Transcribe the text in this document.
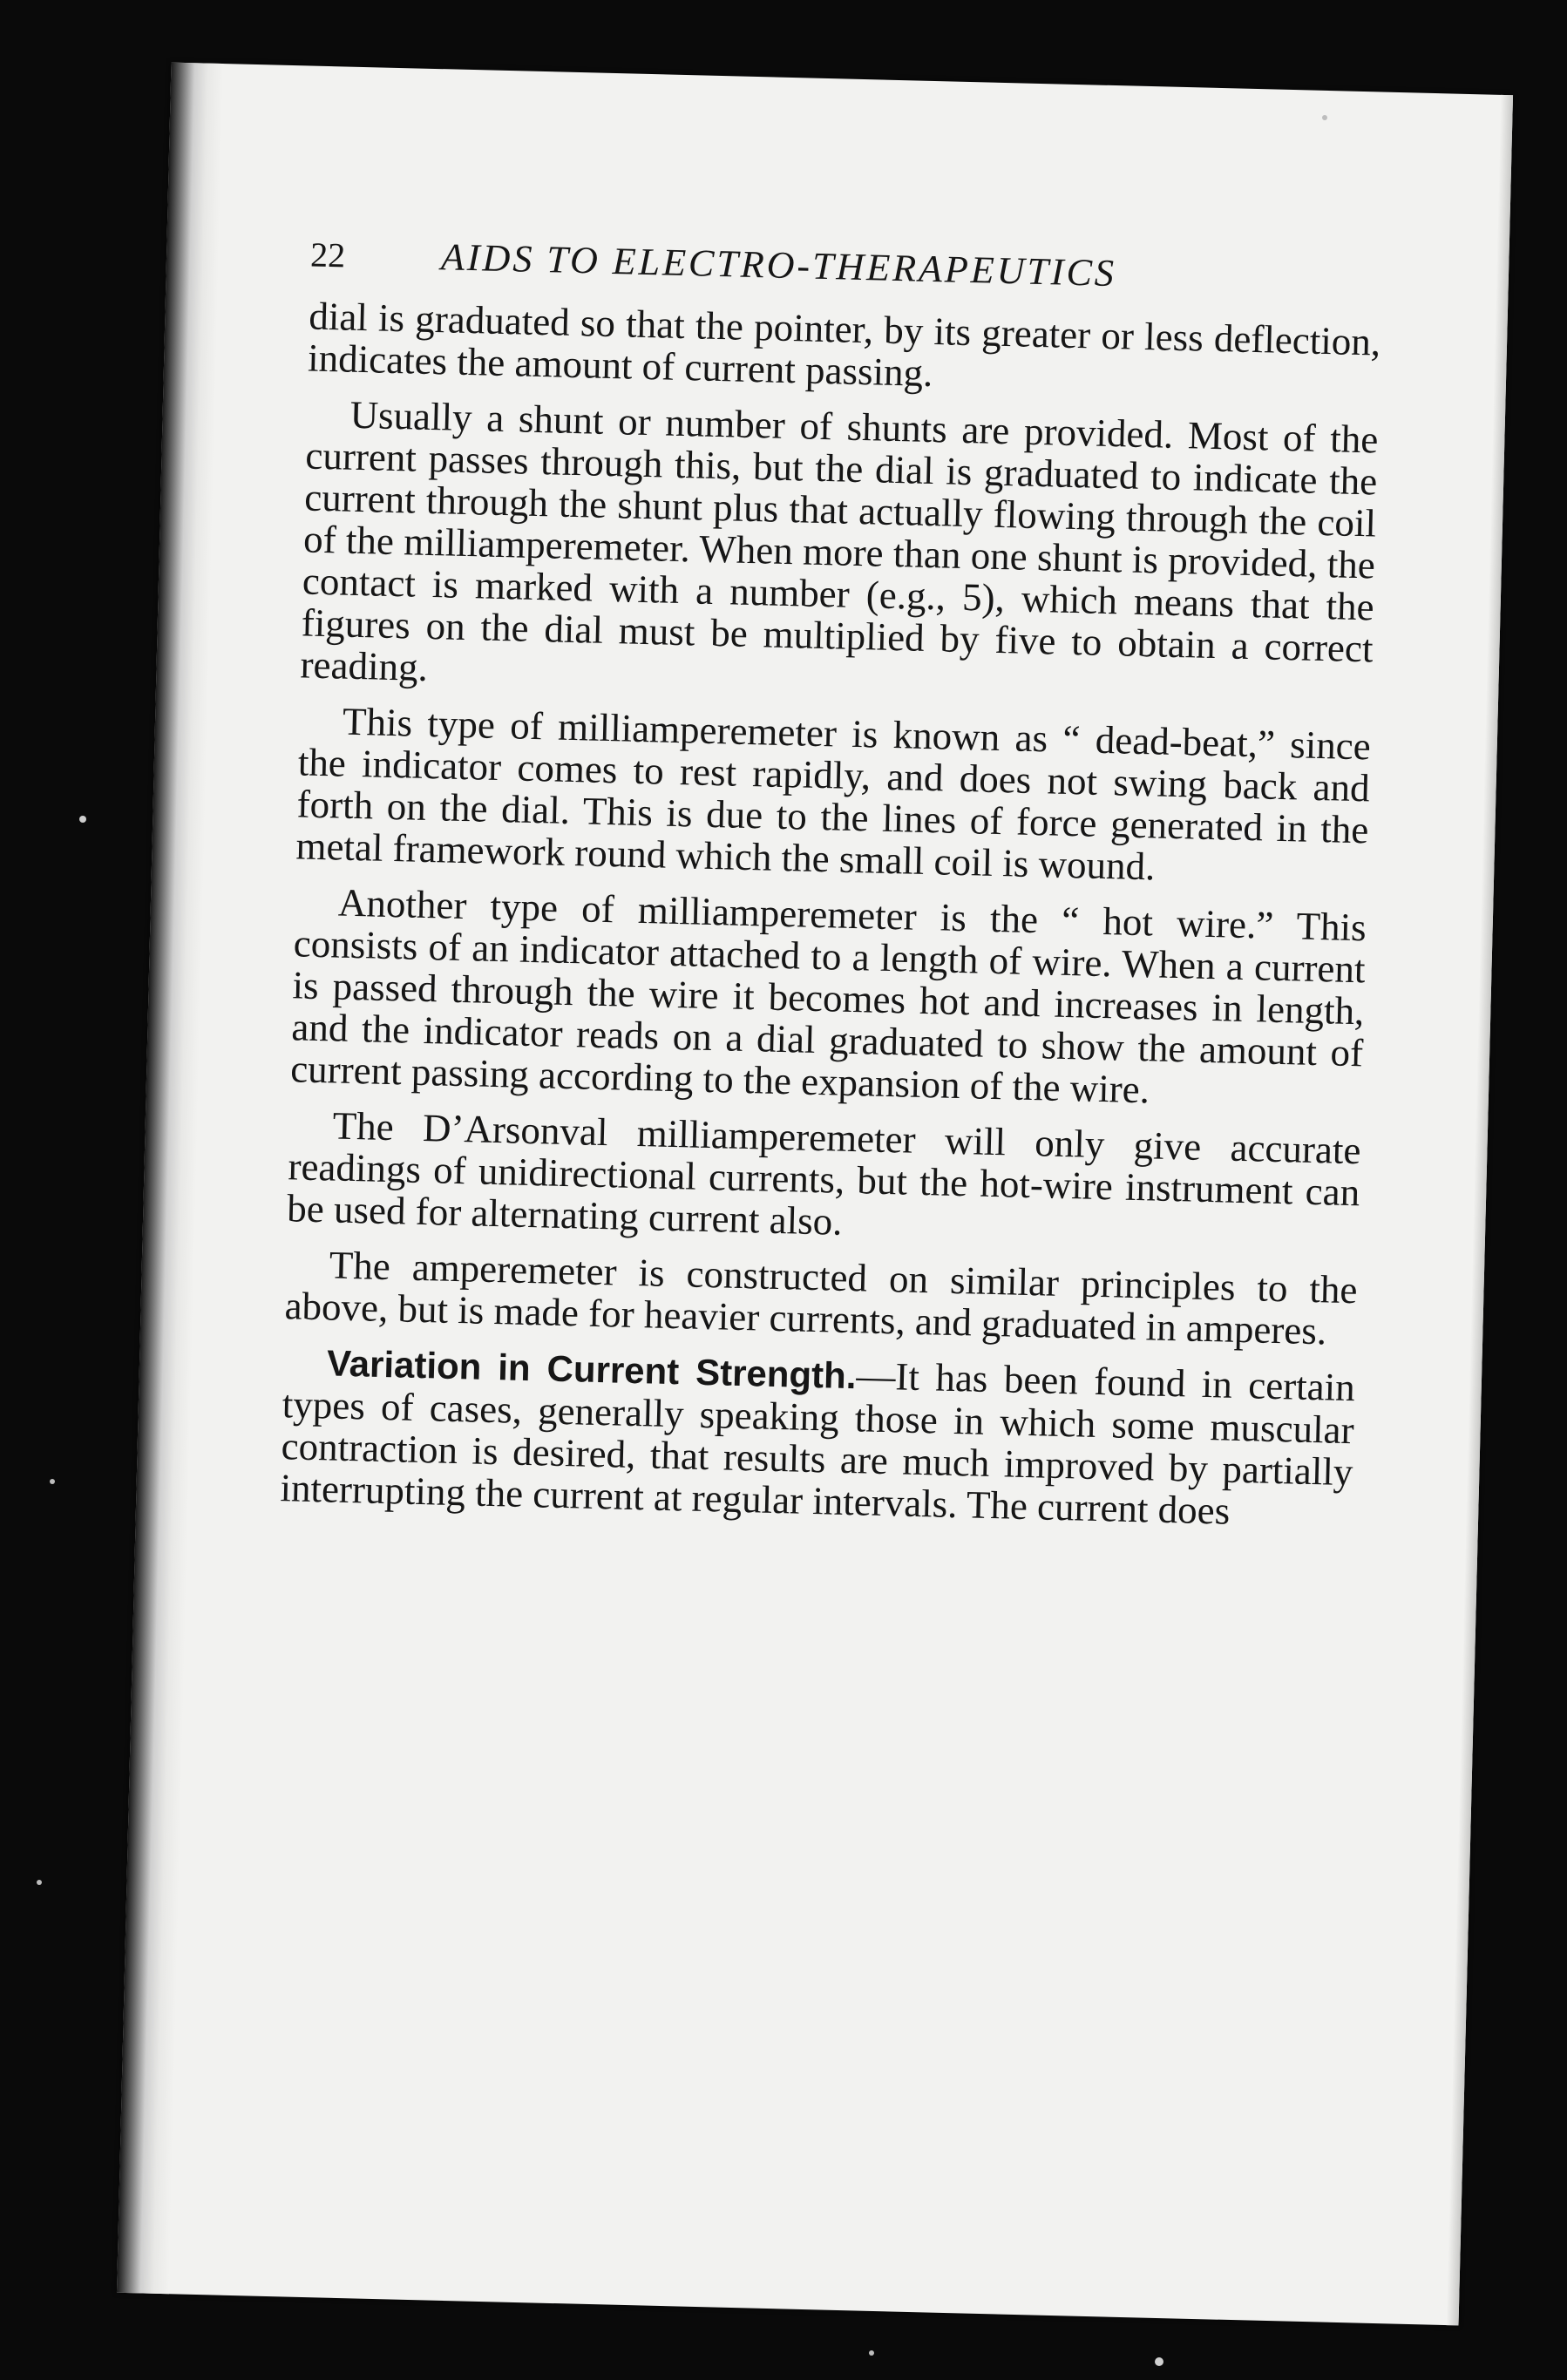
22	AIDS TO ELECTRO-THERAPEUTICS

dial is graduated so that the pointer, by its greater or less deflection, indicates the amount of current passing.

Usually a shunt or number of shunts are provided. Most of the current passes through this, but the dial is graduated to indicate the current through the shunt plus that actually flowing through the coil of the milliamperemeter. When more than one shunt is provided, the contact is marked with a number (e.g., 5), which means that the figures on the dial must be multiplied by five to obtain a correct reading.

This type of milliamperemeter is known as “ dead-beat,” since the indicator comes to rest rapidly, and does not swing back and forth on the dial. This is due to the lines of force generated in the metal framework round which the small coil is wound.

Another type of milliamperemeter is the “ hot wire.” This consists of an indicator attached to a length of wire. When a current is passed through the wire it becomes hot and increases in length, and the indicator reads on a dial graduated to show the amount of current passing according to the expansion of the wire.

The D’Arsonval milliamperemeter will only give accurate readings of unidirectional currents, but the hot-wire instrument can be used for alternating current also.

The amperemeter is constructed on similar principles to the above, but is made for heavier currents, and graduated in amperes.

Variation in Current Strength.—It has been found in certain types of cases, generally speaking those in which some muscular contraction is desired, that results are much improved by partially interrupting the current at regular intervals. The current does
